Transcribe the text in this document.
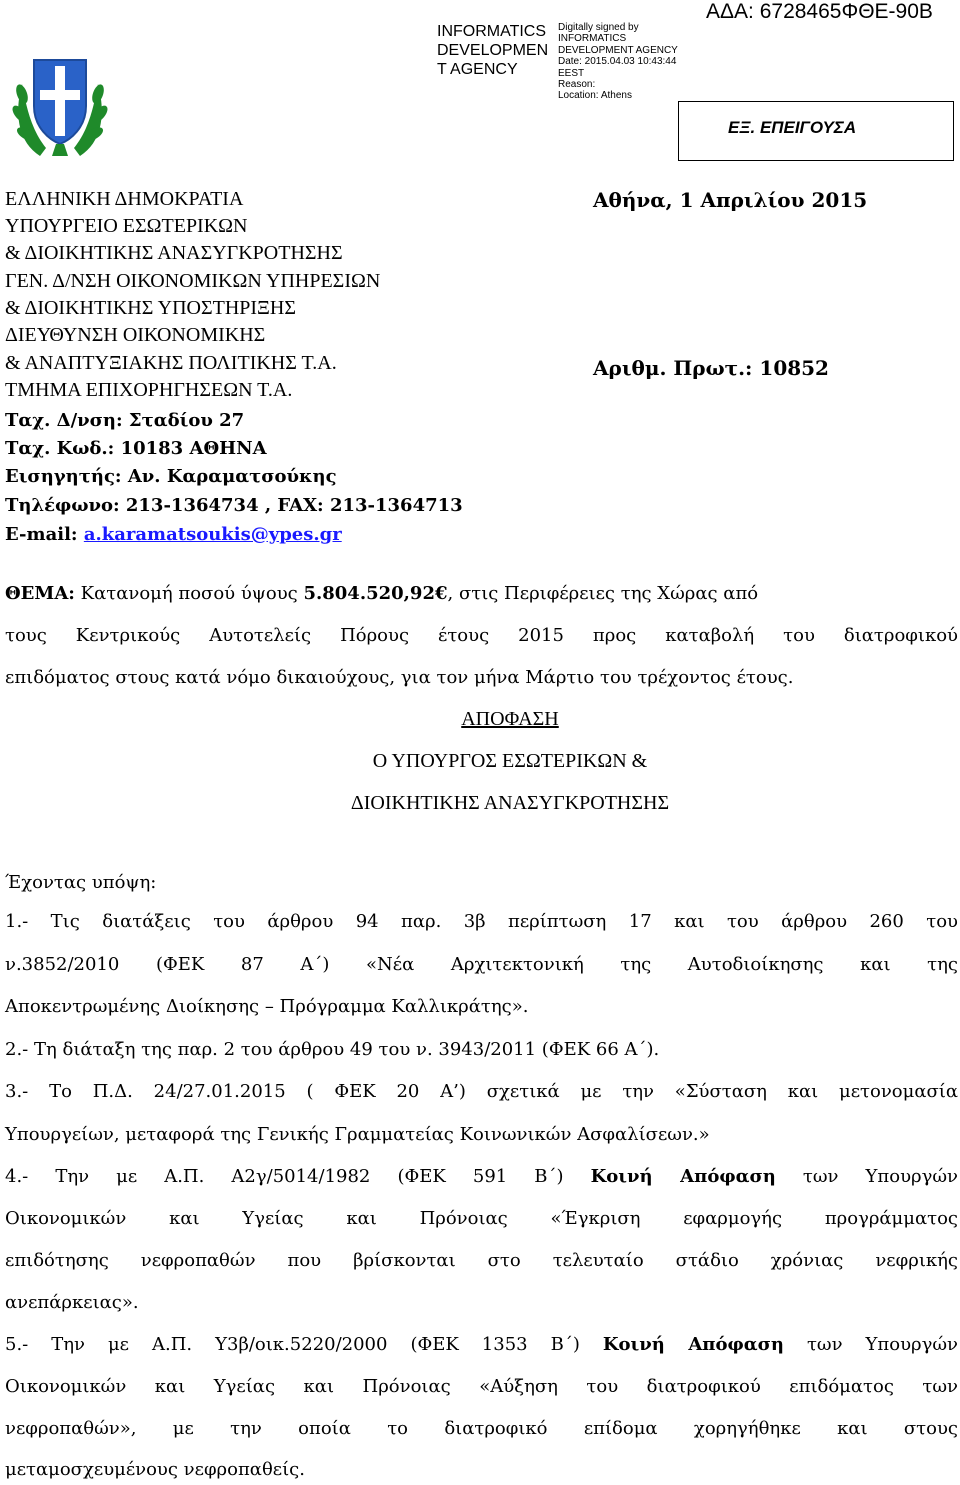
INFORMATICS
DEVELOPMEN
T AGENCY
Digitally signed by
INFORMATICS
DEVELOPMENT AGENCY
Date: 2015.04.03 10:43:44
EEST
Reason:
Location: Athens
ΑΔΑ: 6728465ΦΘΕ-90Β
ΕΞ. ΕΠΕΙΓΟΥΣΑ
ΕΛΛΗΝΙΚΗ ΔΗΜΟΚΡΑΤΙΑ
ΥΠΟΥΡΓΕΙΟ ΕΣΩΤΕΡΙΚΩΝ
& ΔΙΟΙΚΗΤΙΚΗΣ ΑΝΑΣΥΓΚΡΟΤΗΣΗΣ
ΓΕΝ. Δ/ΝΣΗ ΟΙΚΟΝΟΜΙΚΩΝ ΥΠΗΡΕΣΙΩΝ
& ΔΙΟΙΚΗΤΙΚΗΣ ΥΠΟΣΤΗΡΙΞΗΣ
ΔΙΕΥΘΥΝΣΗ ΟΙΚΟΝΟΜΙΚΗΣ
& ΑΝΑΠΤΥΞΙΑΚΗΣ ΠΟΛΙΤΙΚΗΣ Τ.Α.
ΤΜΗΜΑ ΕΠΙΧΟΡΗΓΗΣΕΩΝ Τ.Α.
Ταχ. Δ/νση: Σταδίου 27
Ταχ. Κωδ.: 10183 ΑΘΗΝΑ
Εισηγητής: Αν. Καραματσούκης
Τηλέφωνο: 213-1364734 , FAX: 213-1364713
E-mail: a.karamatsoukis@ypes.gr
Αθήνα, 1 Απριλίου 2015
Αριθμ. Πρωτ.: 10852
ΘΕΜΑ: Κατανομή ποσού ύψους 5.804.520,92€, στις Περιφέρειες της Χώρας από
τους Κεντρικούς Αυτοτελείς Πόρους έτους 2015 προς καταβολή του διατροφικού
επιδόματος στους κατά νόμο δικαιούχους, για τον μήνα Μάρτιο του τρέχοντος έτους.
ΑΠΟΦΑΣΗ
Ο ΥΠΟΥΡΓΟΣ ΕΣΩΤΕΡΙΚΩΝ &
ΔΙΟΙΚΗΤΙΚΗΣ ΑΝΑΣΥΓΚΡΟΤΗΣΗΣ
Έχοντας υπόψη:
1.- Τις διατάξεις του άρθρου 94 παρ. 3β περίπτωση 17 και του άρθρου 260 του
ν.3852/2010 (ΦΕΚ 87 Α΄) «Νέα Αρχιτεκτονική της Αυτοδιοίκησης και της
Αποκεντρωμένης Διοίκησης – Πρόγραμμα Καλλικράτης».
2.- Τη διάταξη της παρ. 2 του άρθρου 49 του ν. 3943/2011 (ΦΕΚ 66 Α΄).
3.- Το Π.Δ. 24/27.01.2015 ( ΦΕΚ 20 Α’) σχετικά με την «Σύσταση και μετονομασία
Υπουργείων, μεταφορά της Γενικής Γραμματείας Κοινωνικών Ασφαλίσεων.»
4.- Την με Α.Π. Α2γ/5014/1982 (ΦΕΚ 591 Β΄) Κοινή Απόφαση των Υπουργών
Οικονομικών και Υγείας και Πρόνοιας «Έγκριση εφαρμογής προγράμματος
επιδότησης νεφροπαθών που βρίσκονται στο τελευταίο στάδιο χρόνιας νεφρικής
ανεπάρκειας».
5.- Την με Α.Π. Υ3β/οικ.5220/2000 (ΦΕΚ 1353 Β΄) Κοινή Απόφαση των Υπουργών
Οικονομικών και Υγείας και Πρόνοιας «Αύξηση του διατροφικού επιδόματος των
νεφροπαθών», με την οποία το διατροφικό επίδομα χορηγήθηκε και στους
μεταμοσχευμένους νεφροπαθείς.
